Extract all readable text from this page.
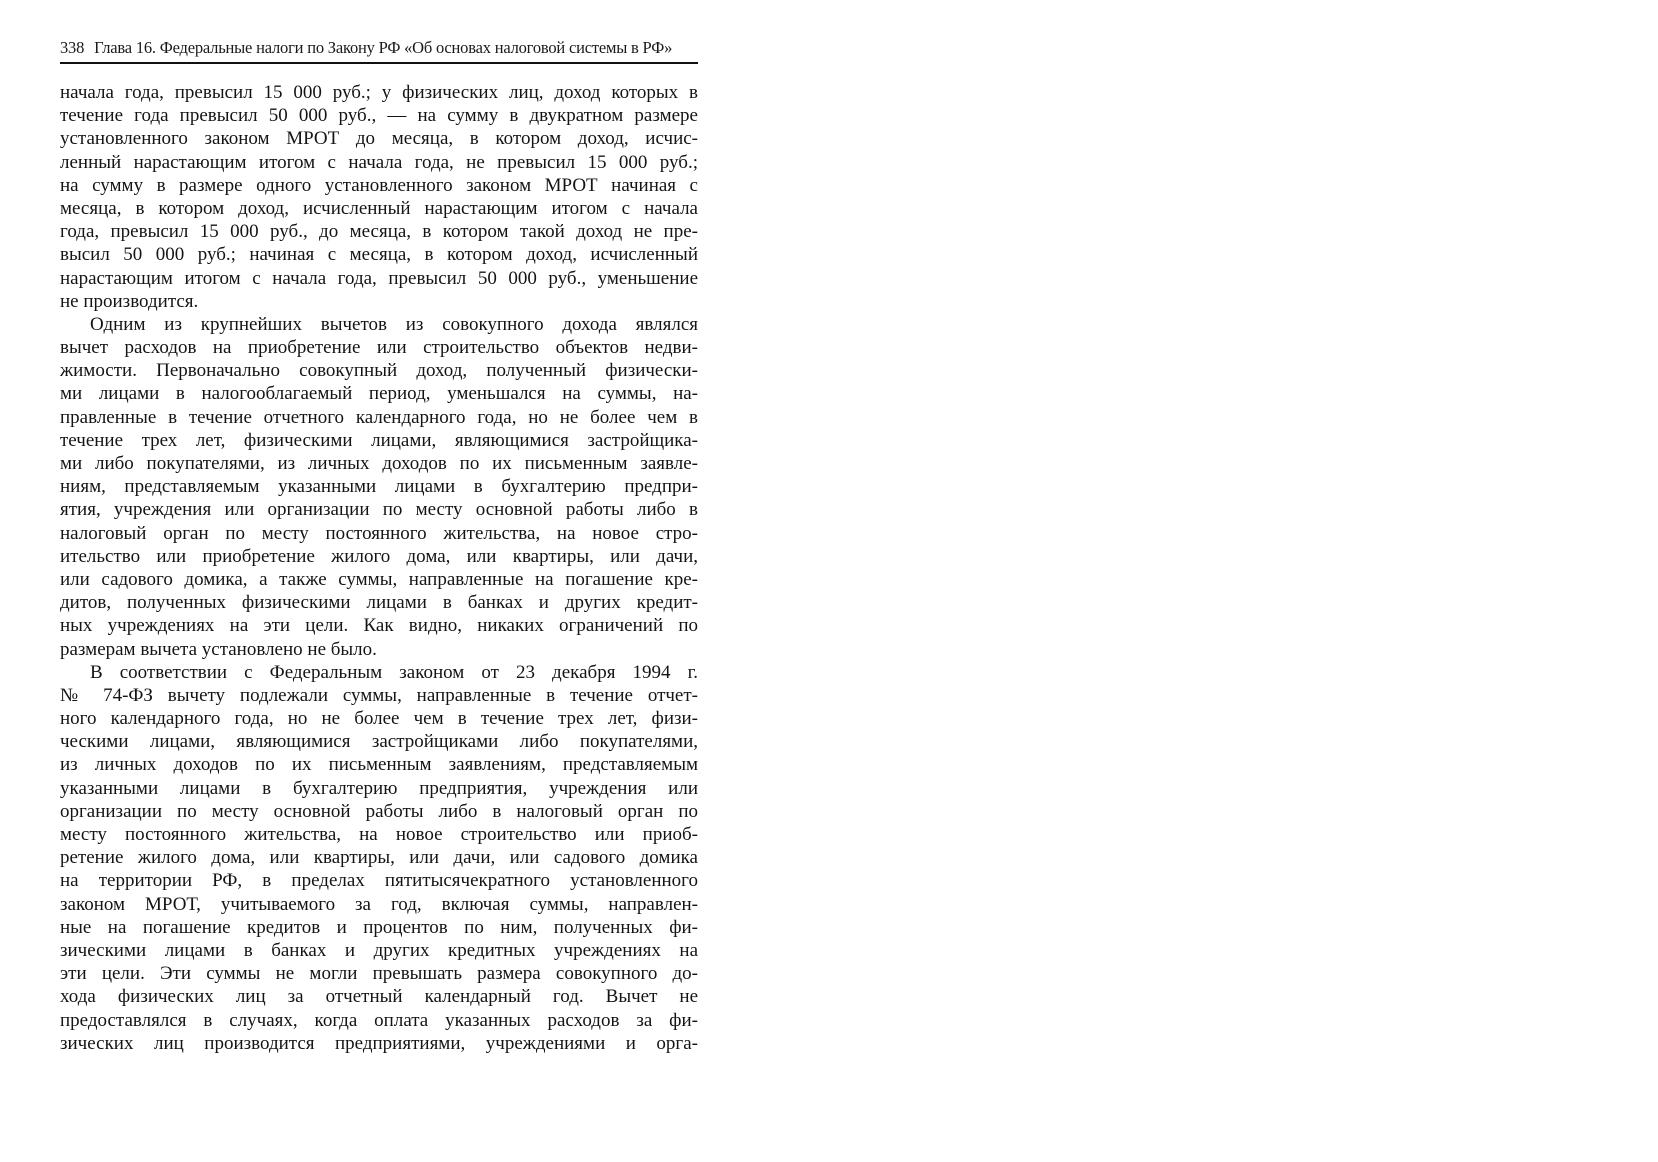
338 Глава 16. Федеральные налоги по Закону РФ «Об основах налоговой системы в РФ»
начала года, превысил 15 000 руб.; у физических лиц, доход которых в
течение года превысил 50 000 руб., — на сумму в двукратном размере
установленного законом МРОТ до месяца, в котором доход, исчис-
ленный нарастающим итогом с начала года, не превысил 15 000 руб.;
на сумму в размере одного установленного законом МРОТ начиная с
месяца, в котором доход, исчисленный нарастающим итогом с начала
года, превысил 15 000 руб., до месяца, в котором такой доход не пре-
высил 50 000 руб.; начиная с месяца, в котором доход, исчисленный
нарастающим итогом с начала года, превысил 50 000 руб., уменьшение
не производится.
Одним из крупнейших вычетов из совокупного дохода являлся
вычет расходов на приобретение или строительство объектов недви-
жимости. Первоначально совокупный доход, полученный физически-
ми лицами в налогооблагаемый период, уменьшался на суммы, на-
правленные в течение отчетного календарного года, но не более чем в
течение трех лет, физическими лицами, являющимися застройщика-
ми либо покупателями, из личных доходов по их письменным заявле-
ниям, представляемым указанными лицами в бухгалтерию предпри-
ятия, учреждения или организации по месту основной работы либо в
налоговый орган по месту постоянного жительства, на новое стро-
ительство или приобретение жилого дома, или квартиры, или дачи,
или садового домика, а также суммы, направленные на погашение кре-
дитов, полученных физическими лицами в банках и других кредит-
ных учреждениях на эти цели. Как видно, никаких ограничений по
размерам вычета установлено не было.
В соответствии с Федеральным законом от 23 декабря 1994 г.
№ 74-ФЗ вычету подлежали суммы, направленные в течение отчет-
ного календарного года, но не более чем в течение трех лет, физи-
ческими лицами, являющимися застройщиками либо покупателями,
из личных доходов по их письменным заявлениям, представляемым
указанными лицами в бухгалтерию предприятия, учреждения или
организации по месту основной работы либо в налоговый орган по
месту постоянного жительства, на новое строительство или приоб-
ретение жилого дома, или квартиры, или дачи, или садового домика
на территории РФ, в пределах пятитысячекратного установленного
законом МРОТ, учитываемого за год, включая суммы, направлен-
ные на погашение кредитов и процентов по ним, полученных фи-
зическими лицами в банках и других кредитных учреждениях на
эти цели. Эти суммы не могли превышать размера совокупного до-
хода физических лиц за отчетный календарный год. Вычет не
предоставлялся в случаях, когда оплата указанных расходов за фи-
зических лиц производится предприятиями, учреждениями и орга-
